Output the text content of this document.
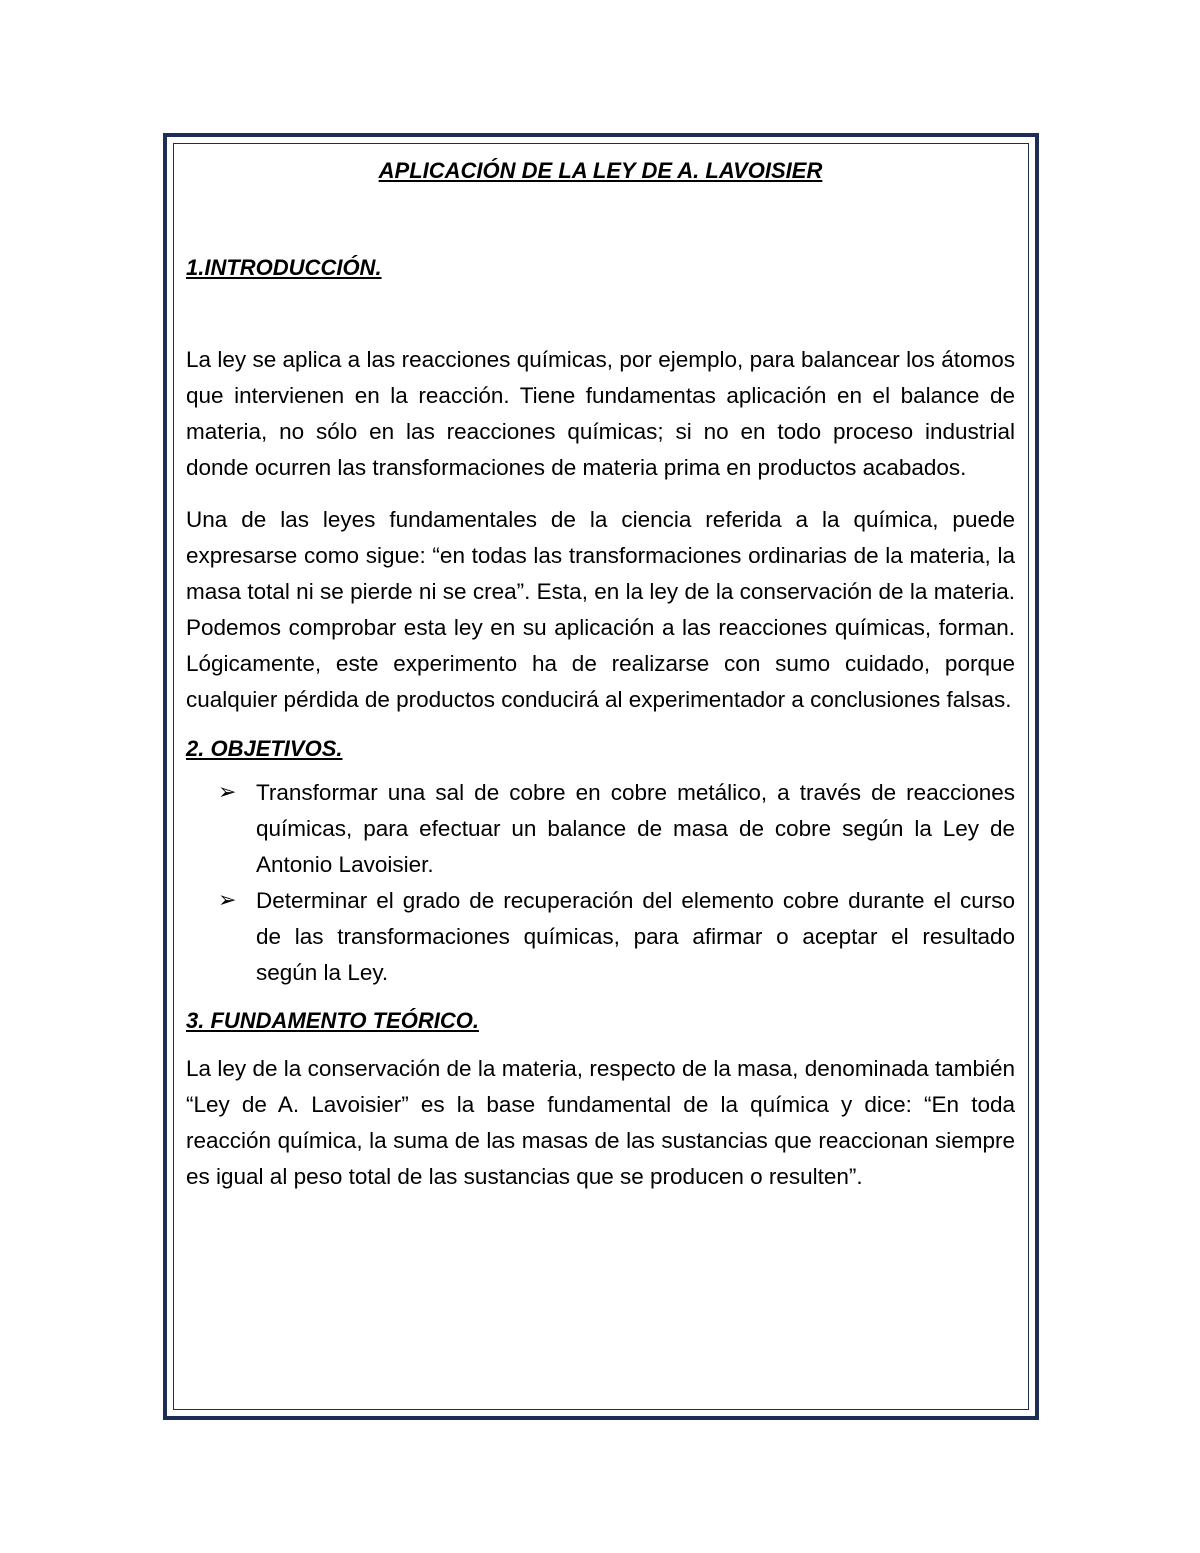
APLICACIÓN DE LA LEY DE A. LAVOISIER
1.INTRODUCCIÓN.

La ley se aplica a las reacciones químicas, por ejemplo, para balancear los átomos que intervienen en la reacción. Tiene fundamentas aplicación en el balance de materia, no sólo en las reacciones químicas; si no en todo proceso industrial donde ocurren las transformaciones de materia prima en productos acabados.

Una de las leyes fundamentales de la ciencia referida a la química, puede expresarse como sigue: “en todas las transformaciones ordinarias de la materia, la masa total ni se pierde ni se crea”. Esta, en la ley de la conservación de la materia. Podemos comprobar esta ley en su aplicación a las reacciones químicas, forman. Lógicamente, este experimento ha de realizarse con sumo cuidado, porque cualquier pérdida de productos conducirá al experimentador a conclusiones falsas.

2. OBJETIVOS.
➢ Transformar una sal de cobre en cobre metálico, a través de reacciones químicas, para efectuar un balance de masa de cobre según la Ley de Antonio Lavoisier.
➢ Determinar el grado de recuperación del elemento cobre durante el curso de las transformaciones químicas, para afirmar o aceptar el resultado según la Ley.
3. FUNDAMENTO TEÓRICO.

La ley de la conservación de la materia, respecto de la masa, denominada también “Ley de A. Lavoisier” es la base fundamental de la química y dice: “En toda reacción química, la suma de las masas de las sustancias que reaccionan siempre es igual al peso total de las sustancias que se producen o resulten”.
